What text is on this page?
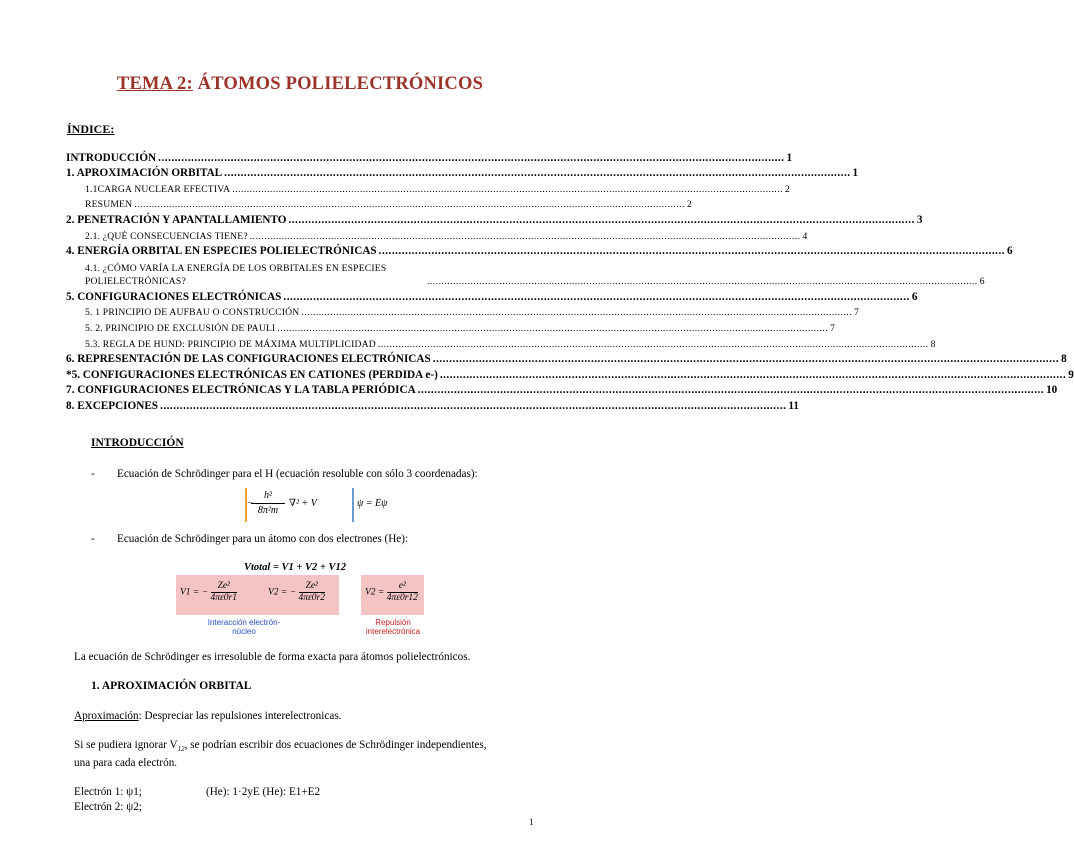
TEMA 2: ÁTOMOS POLIELECTRÓNICOS
ÍNDICE:
INTRODUCCIÓN .............................................................................................................................................................................................. 1
1. APROXIMACIÓN ORBITAL .............................................................................................................................................................................................. 1
1.1CARGA NUCLEAR EFECTIVA .............................................................................................................................................................................................. 2
RESUMEN .............................................................................................................................................................................................. 2
2. PENETRACIÓN Y APANTALLAMIENTO .............................................................................................................................................................................................. 3
2.1. ¿QUÉ CONSECUENCIAS TIENE? .............................................................................................................................................................................................. 4
4. ENERGÍA ORBITAL EN ESPECIES POLIELECTRÓNICAS .............................................................................................................................................................................................. 6
4.1. ¿CÓMO VARÍA LA ENERGÍA DE LOS ORBITALES EN ESPECIES POLIELECTRÓNICAS?	.............................................................................................................................................................................................. 6
5. CONFIGURACIONES ELECTRÓNICAS .............................................................................................................................................................................................. 6
5. 1 PRINCIPIO DE AUFBAU O CONSTRUCCIÓN .............................................................................................................................................................................................. 7
5. 2. PRINCIPIO DE EXCLUSIÓN DE PAULI .............................................................................................................................................................................................. 7
5.3. REGLA DE HUND: PRINCIPIO DE MÁXIMA MULTIPLICIDAD .............................................................................................................................................................................................. 8
6. REPRESENTACIÓN DE LAS CONFIGURACIONES ELECTRÓNICAS .............................................................................................................................................................................................. 8
*5. CONFIGURACIONES ELECTRÓNICAS EN CATIONES (PERDIDA e-) .............................................................................................................................................................................................. 9
7. CONFIGURACIONES ELECTRÓNICAS Y LA TABLA PERIÓDICA .............................................................................................................................................................................................. 10
8. EXCEPCIONES .............................................................................................................................................................................................. 11
INTRODUCCIÓN
- Ecuación de Schrödinger para el H (ecuación resoluble con sólo 3 coordenadas):
−
h²
8π²m
∇² + V	ψ = Eψ
- Ecuación de Schrödinger para un átomo con dos electrones (He):
Vtotal = V1 + V2 + V12
V1 = − $\frac{\text{Ze²}}{4\pi\varepsilon 0r1}$	V2 = − $\frac{\text{Ze²}}{4\pi\varepsilon 0r2}$	$V2 = \frac{\text{e²}}{4\pi\varepsilon 0r12}$
Interacción electrón-núcleo
Repulsión interelectrónica
La ecuación de Schrödinger es irresoluble de forma exacta para átomos polielectrónicos.
1. APROXIMACIÓN ORBITAL
Aproximación: Despreciar las repulsiones interelectronicas.
Si se pudiera ignorar $V_{12}$, se podrían escribir dos ecuaciones de Schrödinger independientes,
una para cada electrón.
Electrón 1: ψ1;	(He): 1·2yE (He): E1+E2
Electrón 2: ψ2;
1
